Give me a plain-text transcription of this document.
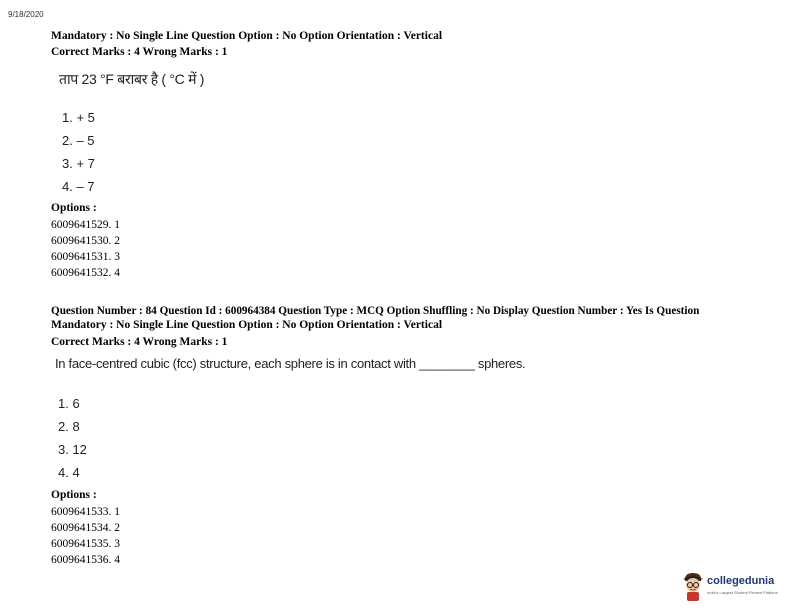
9/18/2020
Mandatory : No Single Line Question Option : No Option Orientation : Vertical
Correct Marks : 4 Wrong Marks : 1
ताप 23 °F बराबर है ( °C में )
1. + 5
2. – 5
3. + 7
4. – 7
Options :
6009641529. 1
6009641530. 2
6009641531. 3
6009641532. 4
Question Number : 84 Question Id : 600964384 Question Type : MCQ Option Shuffling : No Display Question Number : Yes Is Question
Mandatory : No Single Line Question Option : No Option Orientation : Vertical
Correct Marks : 4 Wrong Marks : 1
In face-centred cubic (fcc) structure, each sphere is in contact with ________ spheres.
1. 6
2. 8
3. 12
4. 4
Options :
6009641533. 1
6009641534. 2
6009641535. 3
6009641536. 4
collegedunia
India's Largest Student Review Platform
